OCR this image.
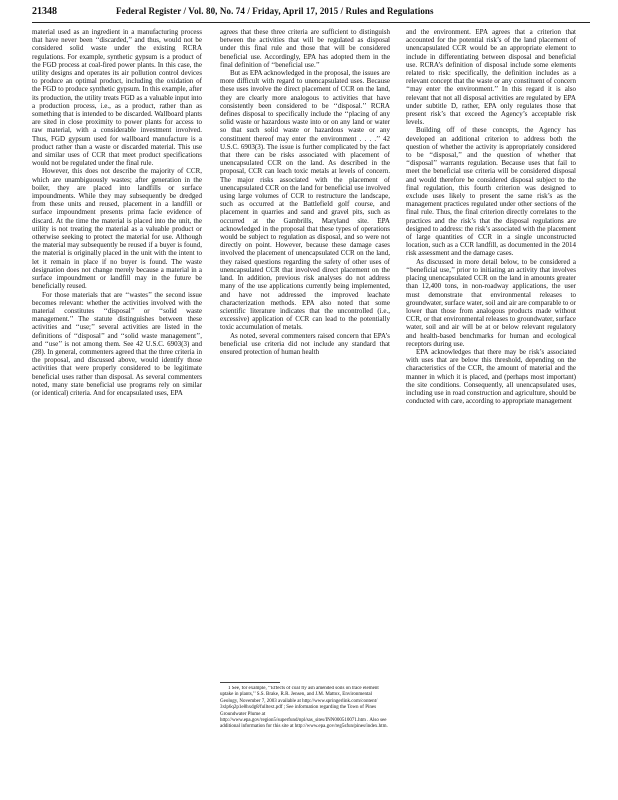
21348	Federal Register / Vol. 80, No. 74 / Friday, April 17, 2015 / Rules and Regulations

material used as an ingredient in a manufacturing process that have never been ‘‘discarded,’’ and thus, would not be considered solid waste under the existing RCRA regulations. For example, synthetic gypsum is a product of the FGD process at coal-fired power plants. In this case, the utility designs and operates its air pollution control devices to produce an optimal product, including the oxidation of the FGD to produce synthetic gypsum. In this example, after its production, the utility treats FGD as a valuable input into a production process, i.e., as a product, rather than as something that is intended to be discarded. Wallboard plants are sited in close proximity to power plants for access to raw material, with a considerable investment involved. Thus, FGD gypsum used for wallboard manufacture is a product rather than a waste or discarded material. This use and similar uses of CCR that meet product specifications would not be regulated under the final rule.

However, this does not describe the majority of CCR, which are unambiguously wastes; after generation in the boiler, they are placed into landfills or surface impoundments. While they may subsequently be dredged from these units and reused, placement in a landfill or surface impoundment presents prima facie evidence of discard. At the time the material is placed into the unit, the utility is not treating the material as a valuable product or otherwise seeking to protect the material for use. Although the material may subsequently be reused if a buyer is found, the material is originally placed in the unit with the intent to let it remain in place if no buyer is found. The waste designation does not change merely because a material in a surface impoundment or landfill may in the future be beneficially reused.

For those materials that are ‘‘wastes’’ the second issue becomes relevant: whether the activities involved with the material constitutes ‘‘disposal’’ or ‘‘solid waste management.’’ The statute distinguishes between these activities and ‘‘use;’’ several activities are listed in the definitions of ‘‘disposal’’ and ‘‘solid waste management’’, and ‘‘use’’ is not among them. See 42 U.S.C. 6903(3) and (28). In general, commenters agreed that the three criteria in the proposal, and discussed above, would identify those activities that were properly considered to be legitimate beneficial uses rather than disposal. As several commenters noted, many state beneficial use programs rely on similar (or identical) criteria. And for encapsulated uses, EPA

agrees that these three criteria are sufficient to distinguish between the activities that will be regulated as disposal under this final rule and those that will be considered beneficial use. Accordingly, EPA has adopted them in the final definition of ‘‘beneficial use.’’

But as EPA acknowledged in the proposal, the issues are more difficult with regard to unencapsulated uses. Because these uses involve the direct placement of CCR on the land, they are clearly more analogous to activities that have consistently been considered to be ‘‘disposal.’’ RCRA defines disposal to specifically include the ‘‘placing of any solid waste or hazardous waste into or on any land or water so that such solid waste or hazardous waste or any constituent thereof may enter the environment . . . .’’ 42 U.S.C. 6903(3). The issue is further complicated by the fact that there can be risks associated with placement of unencapsulated CCR on the land. As described in the proposal, CCR can leach toxic metals at levels of concern. The major risks associated with the placement of unencapsulated CCR on the land for beneficial use involved using large volumes of CCR to restructure the landscape, such as occurred at the Battlefield golf course, and placement in quarries and sand and gravel pits, such as occurred at the Gambrills, Maryland site. EPA acknowledged in the proposal that these types of operations would be subject to regulation as disposal, and so were not directly on point. However, because these damage cases involved the placement of unencapsulated CCR on the land, they raised questions regarding the safety of other uses of unencapsulated CCR that involved direct placement on the land. In addition, previous risk analyses do not address many of the use applications currently being implemented, and have not addressed the improved leachate characterization methods. EPA also noted that some scientific literature indicates that the uncontrolled (i.e., excessive) application of CCR can lead to the potentially toxic accumulation of metals.

As noted, several commenters raised concern that EPA’s beneficial use criteria did not include any standard that ensured protection of human health

1 See, for example, ‘‘Effects of coal fly ash amended soils on trace element uptake in plants,’’ S.S. Brake, R.R. Jensen, and J.M. Mattox, Environmental Geology, November 7, 2003 available at http://www.springerlink.com/content/ 3xlp6q2p1e8hxdg8/fulltext.pdf ; See information regarding the Town of Pines Groundwater Plume at http://www.epa.gov/region5/superfund/npl/sas_sites/INN000510071.htm . Also see additional information for this site at http://www.epa.gov/reg5sfun/pines/index.htm.

and the environment. EPA agrees that a criterion that accounted for the potential risk’s of the land placement of unencapsulated CCR would be an appropriate element to include in differentiating between disposal and beneficial use. RCRA’s definition of disposal include some elements related to risk: specifically, the definition includes as a relevant concept that the waste or any constituent of concern ‘‘may enter the environment.’’ In this regard it is also relevant that not all disposal activities are regulated by EPA under subtitle D, rather, EPA only regulates those that present risk’s that exceed the Agency’s acceptable risk levels.

Building off of these concepts, the Agency has developed an additional criterion to address both the question of whether the activity is appropriately considered to be ‘‘disposal,’’ and the question of whether that ‘‘disposal’’ warrants regulation. Because uses that fail to meet the beneficial use criteria will be considered disposal and would therefore be considered disposal subject to the final regulation, this fourth criterion was designed to exclude uses likely to present the same risk’s as the management practices regulated under other sections of the final rule. Thus, the final criterion directly correlates to the practices and the risk’s that the disposal regulations are designed to address: the risk’s associated with the placement of large quantities of CCR in a single unconstructed location, such as a CCR landfill, as documented in the 2014 risk assessment and the damage cases.

As discussed in more detail below, to be considered a ‘‘beneficial use,’’ prior to initiating an activity that involves placing unencapsulated CCR on the land in amounts greater than 12,400 tons, in non-roadway applications, the user must demonstrate that environmental releases to groundwater, surface water, soil and air are comparable to or lower than those from analogous products made without CCR, or that environmental releases to groundwater, surface water, soil and air will be at or below relevant regulatory and health-based benchmarks for human and ecological receptors during use.

EPA acknowledges that there may be risk’s associated with uses that are below this threshold, depending on the characteristics of the CCR, the amount of material and the manner in which it is placed, and (perhaps most important) the site conditions. Consequently, all unencapsulated uses, including use in road construction and agriculture, should be conducted with care, according to appropriate management
